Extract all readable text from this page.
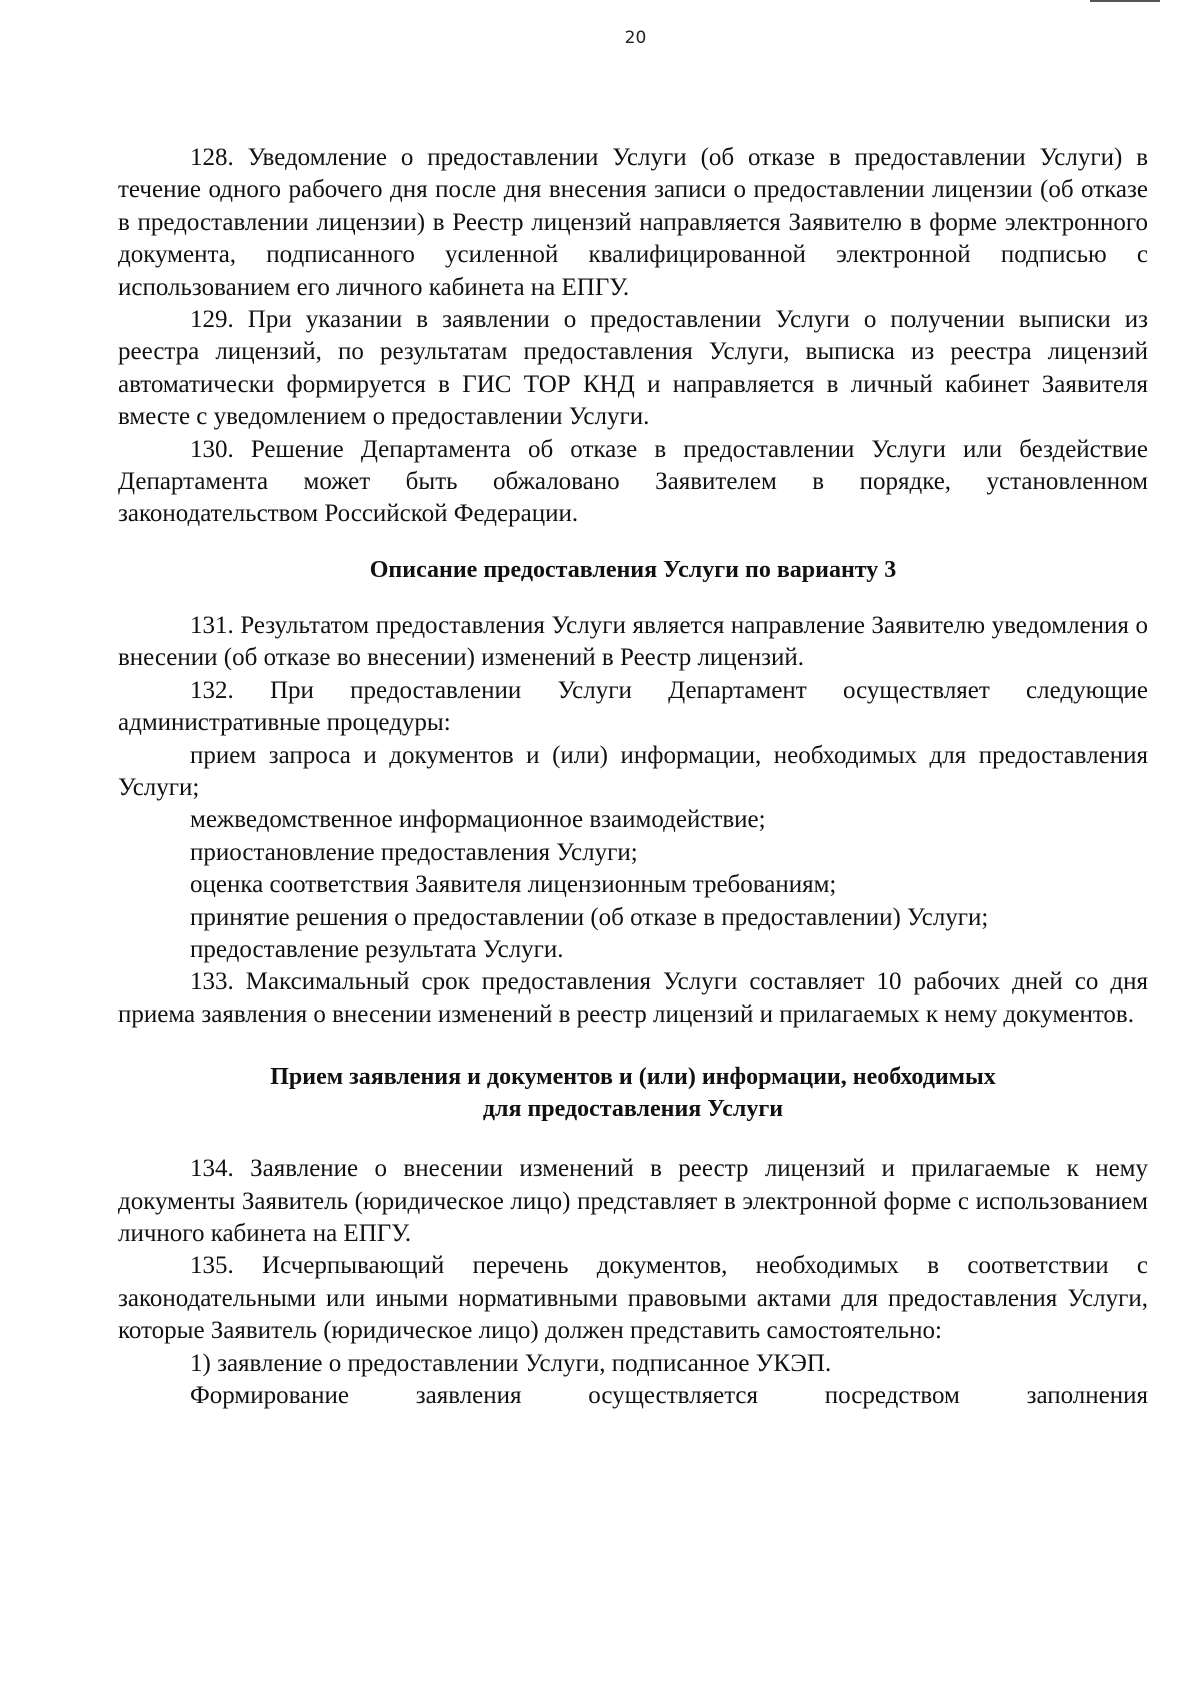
20

128. Уведомление о предоставлении Услуги (об отказе в предоставлении Услуги) в течение одного рабочего дня после дня внесения записи о предоставлении лицензии (об отказе в предоставлении лицензии) в Реестр лицензий направляется Заявителю в форме электронного документа, подписанного усиленной квалифицированной электронной подписью с использованием его личного кабинета на ЕПГУ.

129. При указании в заявлении о предоставлении Услуги о получении выписки из реестра лицензий, по результатам предоставления Услуги, выписка из реестра лицензий автоматически формируется в ГИС ТОР КНД и направляется в личный кабинет Заявителя вместе с уведомлением о предоставлении Услуги.

130. Решение Департамента об отказе в предоставлении Услуги или бездействие Департамента может быть обжаловано Заявителем в порядке, установленном законодательством Российской Федерации.

Описание предоставления Услуги по варианту 3

131. Результатом предоставления Услуги является направление Заявителю уведомления о внесении (об отказе во внесении) изменений в Реестр лицензий.

132. При предоставлении Услуги Департамент осуществляет следующие административные процедуры:

прием запроса и документов и (или) информации, необходимых для предоставления Услуги;

межведомственное информационное взаимодействие;

приостановление предоставления Услуги;

оценка соответствия Заявителя лицензионным требованиям;

принятие решения о предоставлении (об отказе в предоставлении) Услуги;

предоставление результата Услуги.

133. Максимальный срок предоставления Услуги составляет 10 рабочих дней со дня приема заявления о внесении изменений в реестр лицензий и прилагаемых к нему документов.

Прием заявления и документов и (или) информации, необходимых
для предоставления Услуги

134. Заявление о внесении изменений в реестр лицензий и прилагаемые к нему документы Заявитель (юридическое лицо) представляет в электронной форме с использованием личного кабинета на ЕПГУ.

135. Исчерпывающий перечень документов, необходимых в соответствии с законодательными или иными нормативными правовыми актами для предоставления Услуги, которые Заявитель (юридическое лицо) должен представить самостоятельно:

1) заявление о предоставлении Услуги, подписанное УКЭП.

Формирование заявления осуществляется посредством заполнения
